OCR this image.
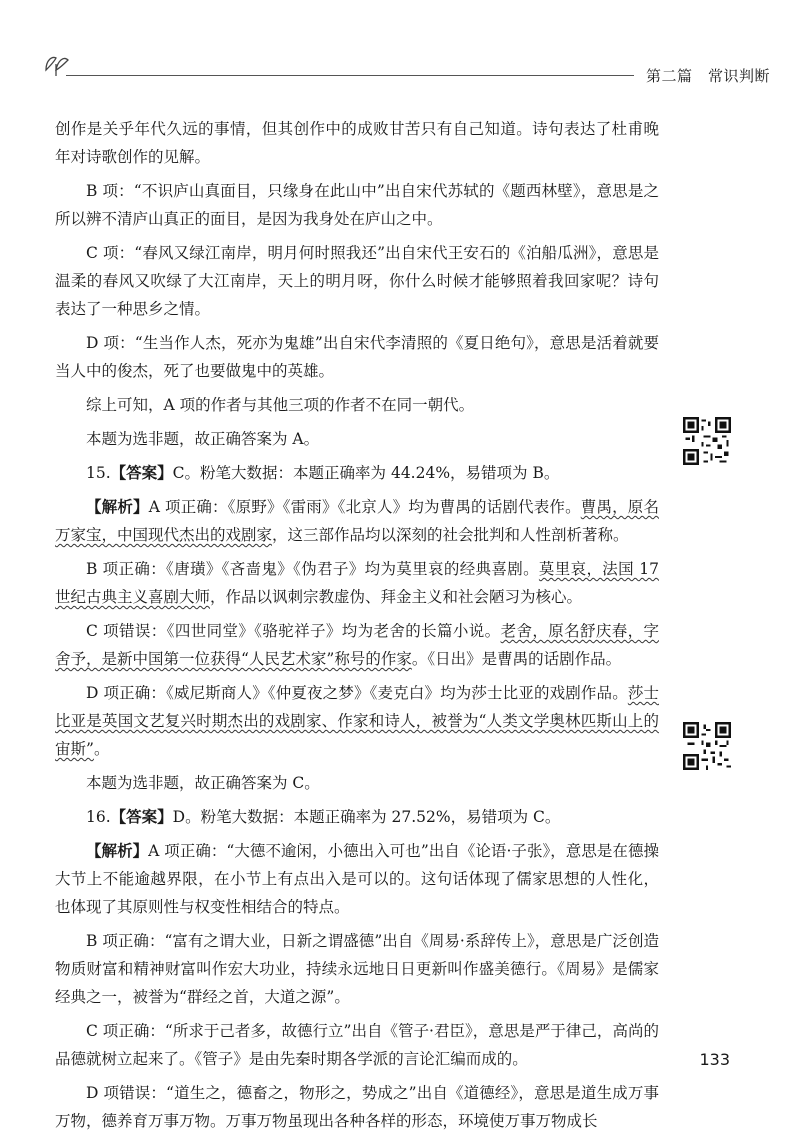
第二篇　常识判断

创作是关乎年代久远的事情，但其创作中的成败甘苦只有自己知道。诗句表达了杜甫晚年对诗歌创作的见解。

B 项：“不识庐山真面目，只缘身在此山中”出自宋代苏轼的《题西林壁》，意思是之所以辨不清庐山真正的面目，是因为我身处在庐山之中。

C 项：“春风又绿江南岸，明月何时照我还”出自宋代王安石的《泊船瓜洲》，意思是温柔的春风又吹绿了大江南岸，天上的明月呀，你什么时候才能够照着我回家呢？诗句表达了一种思乡之情。

D 项：“生当作人杰，死亦为鬼雄”出自宋代李清照的《夏日绝句》，意思是活着就要当人中的俊杰，死了也要做鬼中的英雄。

综上可知，A 项的作者与其他三项的作者不在同一朝代。

本题为选非题，故正确答案为 A。

15.【答案】C。粉笔大数据：本题正确率为 44.24%，易错项为 B。

【解析】A 项正确：《原野》《雷雨》《北京人》均为曹禺的话剧代表作。曹禺，原名万家宝，中国现代杰出的戏剧家，这三部作品均以深刻的社会批判和人性剖析著称。

B 项正确：《唐璜》《吝啬鬼》《伪君子》均为莫里哀的经典喜剧。莫里哀，法国 17 世纪古典主义喜剧大师，作品以讽刺宗教虚伪、拜金主义和社会陋习为核心。

C 项错误：《四世同堂》《骆驼祥子》均为老舍的长篇小说。老舍，原名舒庆春，字舍予，是新中国第一位获得“人民艺术家”称号的作家。《日出》是曹禺的话剧作品。

D 项正确：《威尼斯商人》《仲夏夜之梦》《麦克白》均为莎士比亚的戏剧作品。莎士比亚是英国文艺复兴时期杰出的戏剧家、作家和诗人，被誉为“人类文学奥林匹斯山上的宙斯”。

本题为选非题，故正确答案为 C。

16.【答案】D。粉笔大数据：本题正确率为 27.52%，易错项为 C。

【解析】A 项正确：“大德不逾闲，小德出入可也”出自《论语·子张》，意思是在德操大节上不能逾越界限，在小节上有点出入是可以的。这句话体现了儒家思想的人性化，也体现了其原则性与权变性相结合的特点。

B 项正确：“富有之谓大业，日新之谓盛德”出自《周易·系辞传上》，意思是广泛创造物质财富和精神财富叫作宏大功业，持续永远地日日更新叫作盛美德行。《周易》是儒家经典之一，被誉为“群经之首，大道之源”。

C 项正确：“所求于己者多，故德行立”出自《管子·君臣》，意思是严于律己，高尚的品德就树立起来了。《管子》是由先秦时期各学派的言论汇编而成的。

D 项错误：“道生之，德畜之，物形之，势成之”出自《道德经》，意思是道生成万事万物，德养育万事万物。万事万物虽现出各种各样的形态，环境使万事万物成长

133
